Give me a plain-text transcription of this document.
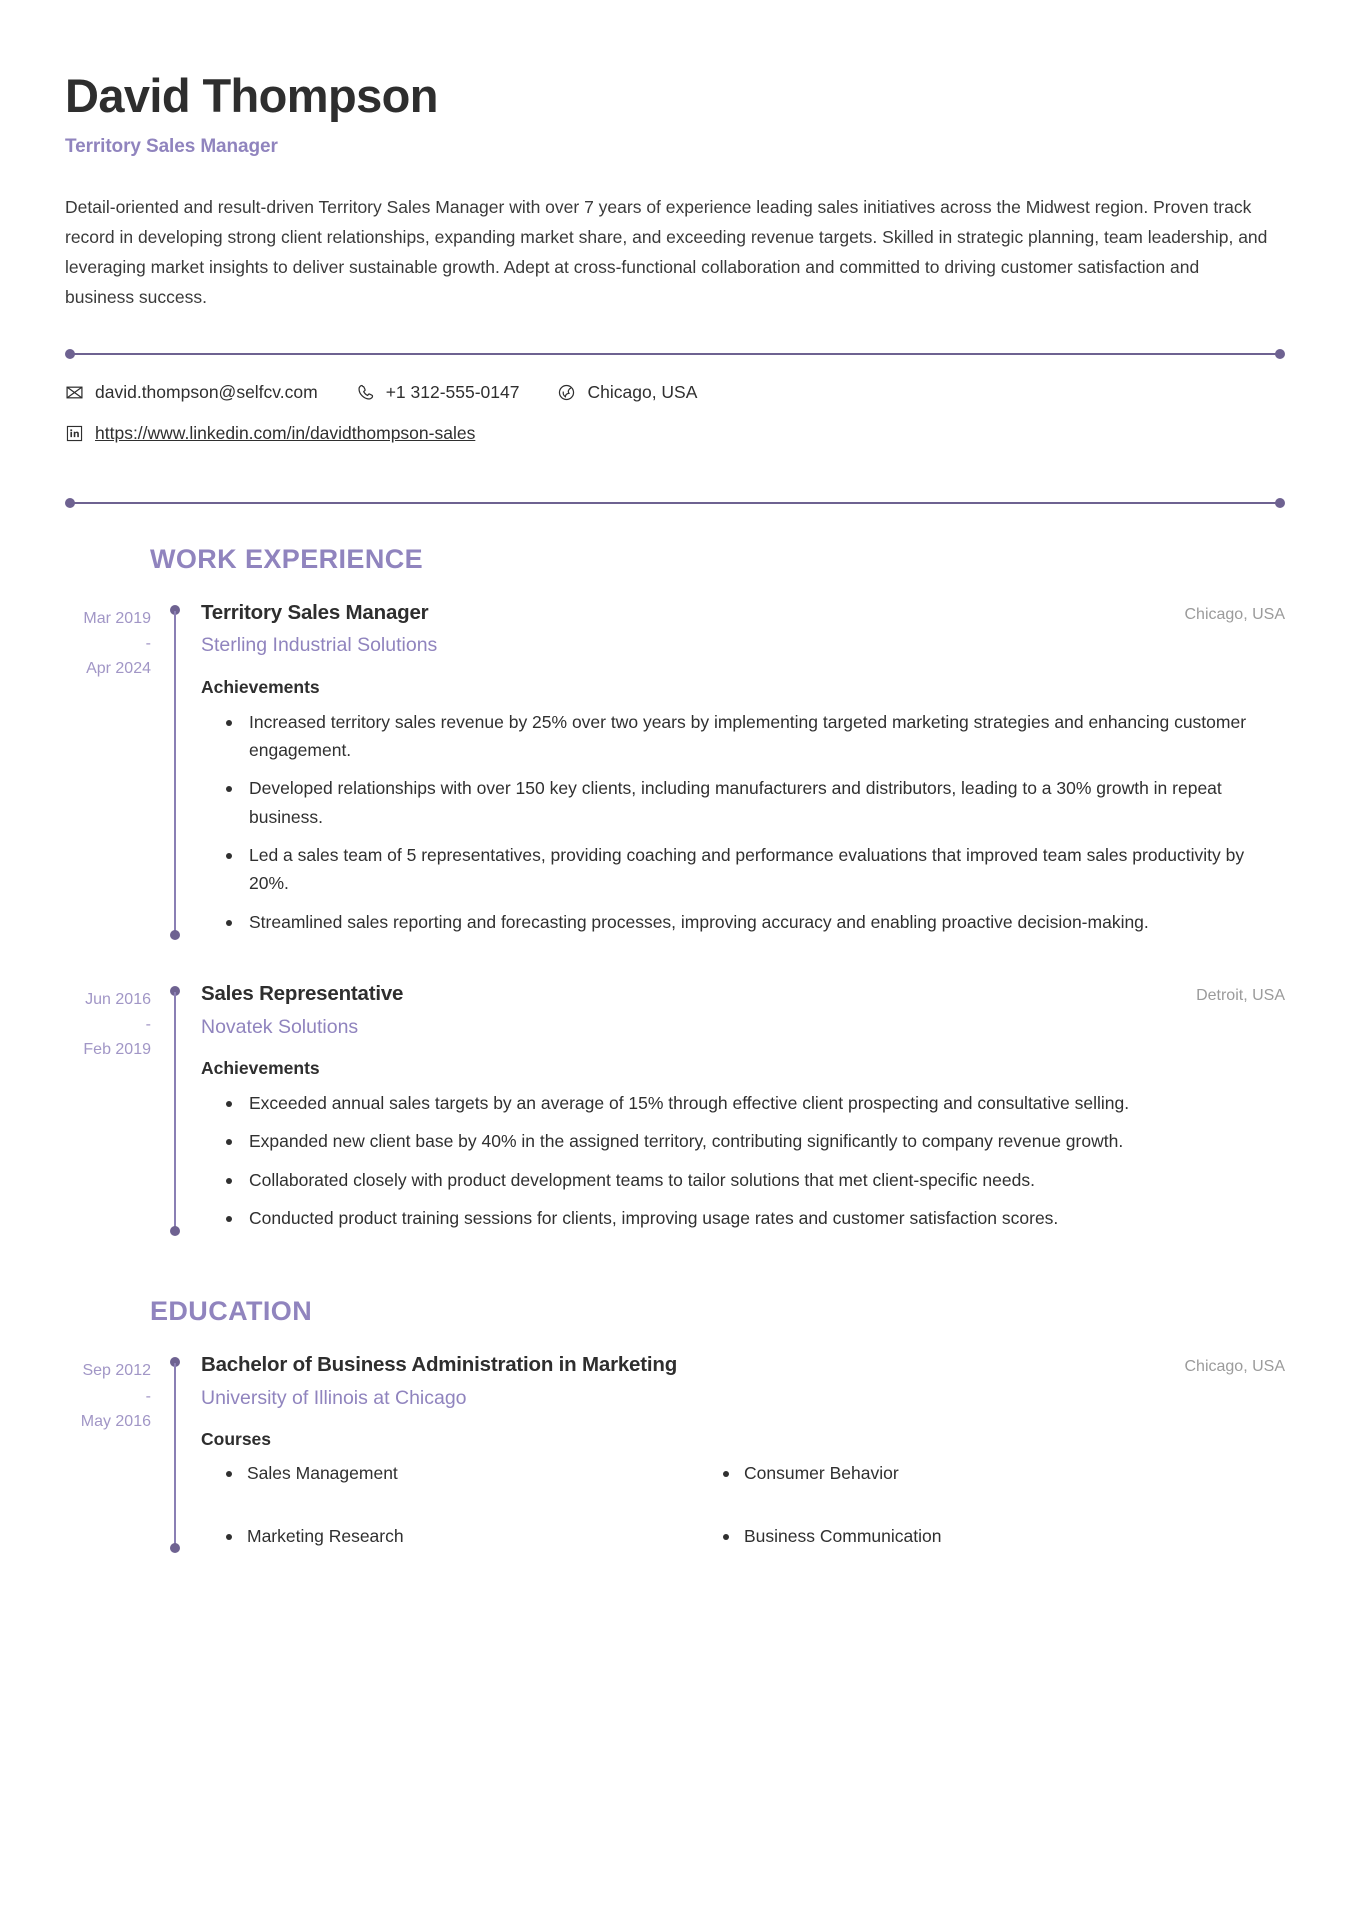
David Thompson
Territory Sales Manager

Detail-oriented and result-driven Territory Sales Manager with over 7 years of experience leading sales initiatives across the Midwest region. Proven track record in developing strong client relationships, expanding market share, and exceeding revenue targets. Skilled in strategic planning, team leadership, and leveraging market insights to deliver sustainable growth. Adept at cross-functional collaboration and committed to driving customer satisfaction and business success.

david.thompson@selfcv.com	+1 312-555-0147	Chicago, USA
https://www.linkedin.com/in/davidthompson-sales
WORK EXPERIENCE
Mar 2019
-
Apr 2024
Territory Sales Manager	Chicago, USA
Sterling Industrial Solutions
Achievements
Increased territory sales revenue by 25% over two years by implementing targeted marketing strategies and enhancing customer engagement.
Developed relationships with over 150 key clients, including manufacturers and distributors, leading to a 30% growth in repeat business.
Led a sales team of 5 representatives, providing coaching and performance evaluations that improved team sales productivity by 20%.
Streamlined sales reporting and forecasting processes, improving accuracy and enabling proactive decision-making.
Jun 2016
-
Feb 2019
Sales Representative	Detroit, USA
Novatek Solutions
Achievements
Exceeded annual sales targets by an average of 15% through effective client prospecting and consultative selling.
Expanded new client base by 40% in the assigned territory, contributing significantly to company revenue growth.
Collaborated closely with product development teams to tailor solutions that met client-specific needs.
Conducted product training sessions for clients, improving usage rates and customer satisfaction scores.
EDUCATION
Sep 2012
-
May 2016
Bachelor of Business Administration in Marketing	Chicago, USA
University of Illinois at Chicago
Courses
Sales Management	Consumer Behavior
Marketing Research	Business Communication
